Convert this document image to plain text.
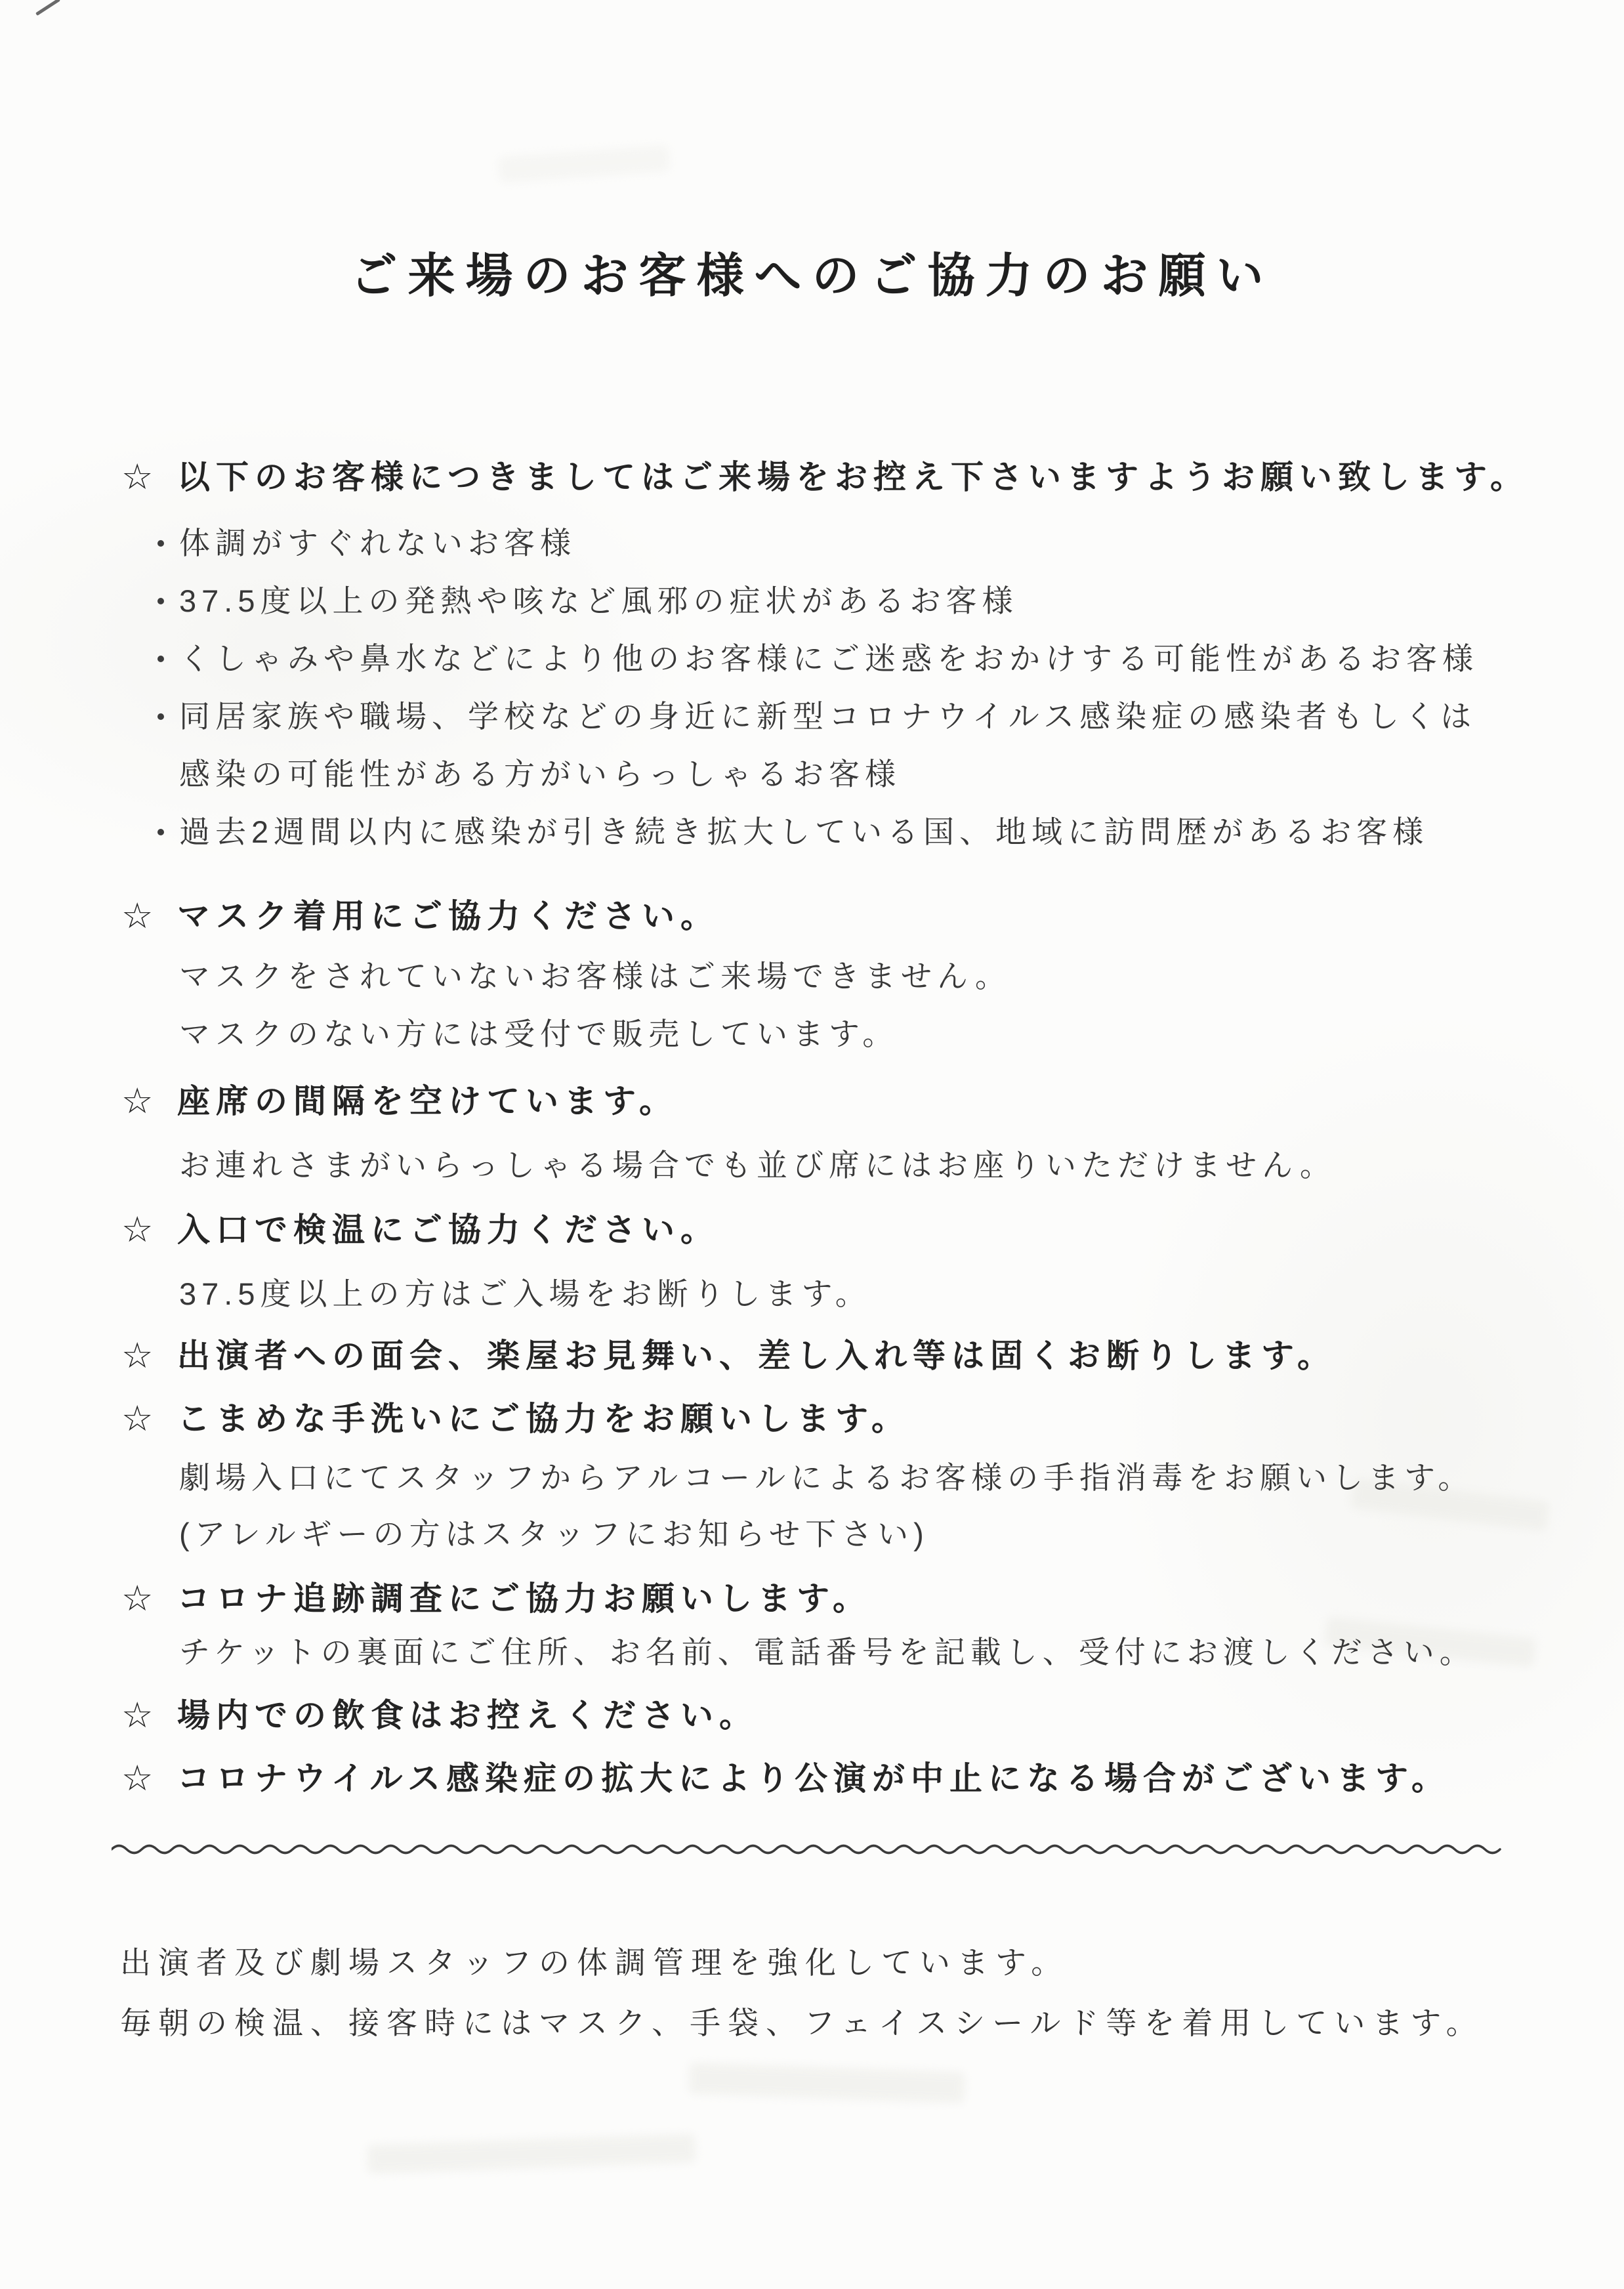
ご来場のお客様へのご協力のお願い
☆ 以下のお客様につきましてはご来場をお控え下さいますようお願い致します。
体調がすぐれないお客様
37.5度以上の発熱や咳など風邪の症状があるお客様
くしゃみや鼻水などにより他のお客様にご迷惑をおかけする可能性があるお客様
同居家族や職場、学校などの身近に新型コロナウイルス感染症の感染者もしくは感染の可能性がある方がいらっしゃるお客様
過去2週間以内に感染が引き続き拡大している国、地域に訪問歴があるお客様
☆ マスク着用にご協力ください。
マスクをされていないお客様はご来場できません。
マスクのない方には受付で販売しています。
☆ 座席の間隔を空けています。
お連れさまがいらっしゃる場合でも並び席にはお座りいただけません。
☆ 入口で検温にご協力ください。
37.5度以上の方はご入場をお断りします。
☆ 出演者への面会、楽屋お見舞い、差し入れ等は固くお断りします。
☆ こまめな手洗いにご協力をお願いします。
劇場入口にてスタッフからアルコールによるお客様の手指消毒をお願いします。
(アレルギーの方はスタッフにお知らせ下さい)
☆ コロナ追跡調査にご協力お願いします。
チケットの裏面にご住所、お名前、電話番号を記載し、受付にお渡しください。
☆ 場内での飲食はお控えください。
☆ コロナウイルス感染症の拡大により公演が中止になる場合がございます。

出演者及び劇場スタッフの体調管理を強化しています。

毎朝の検温、接客時にはマスク、手袋、フェイスシールド等を着用しています。
